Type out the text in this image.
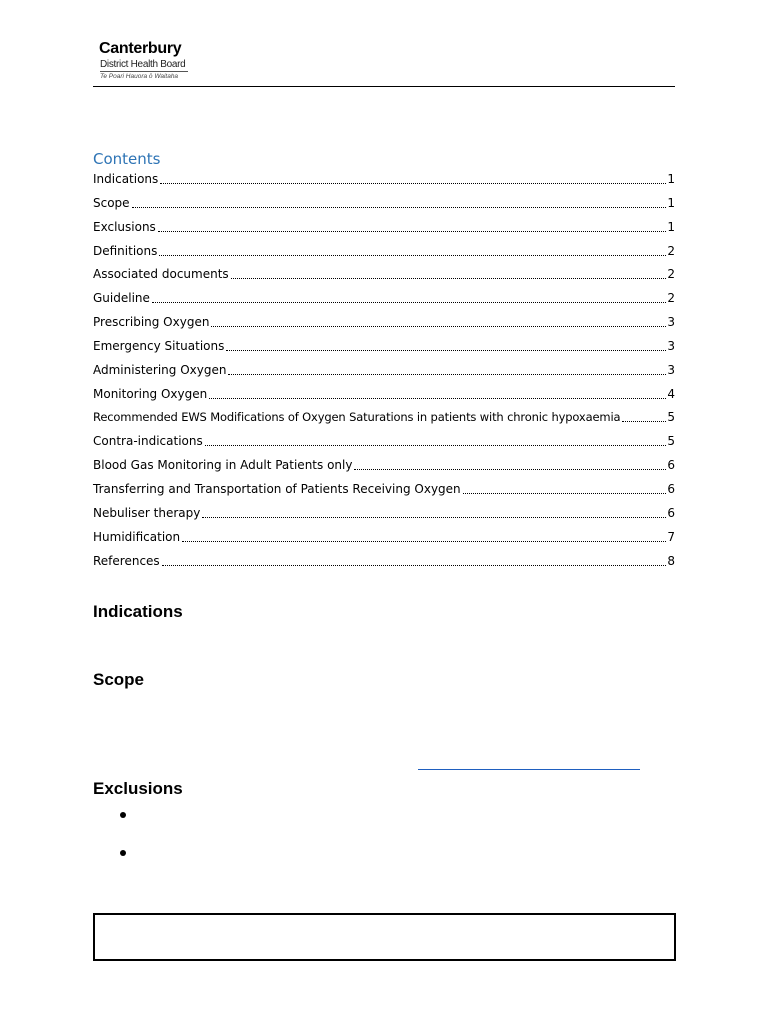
Canterbury
District Health Board
Te Poari Hauora ō Waitaha
Contents
Indications	1
Scope	1
Exclusions	1
Definitions	2
Associated documents	2
Guideline	2
Prescribing Oxygen	3
Emergency Situations	3
Administering Oxygen	3
Monitoring Oxygen	4
Recommended EWS Modifications of Oxygen Saturations in patients with chronic hypoxaemia	5
Contra-indications	5
Blood Gas Monitoring in Adult Patients only	6
Transferring and Transportation of Patients Receiving Oxygen	6
Nebuliser therapy	6
Humidification	7
References	8
Indications
Scope
Exclusions
